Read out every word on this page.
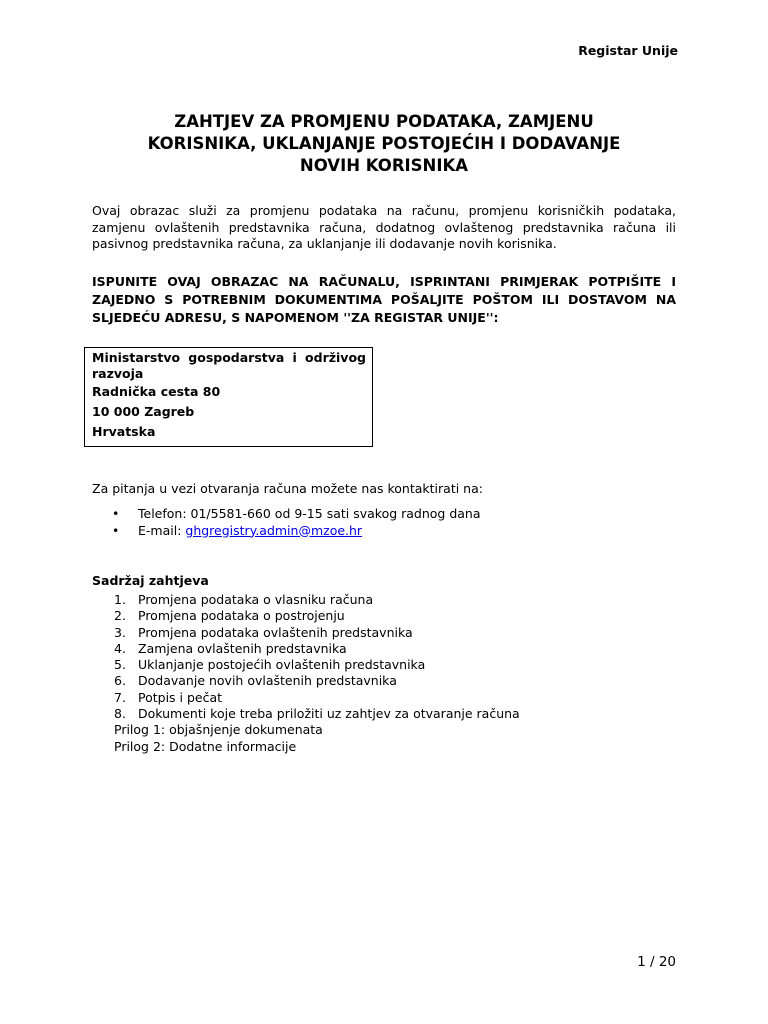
Registar Unije
ZAHTJEV ZA PROMJENU PODATAKA, ZAMJENU
KORISNIKA, UKLANJANJE POSTOJEĆIH I DODAVANJE
NOVIH KORISNIKA
Ovaj obrazac služi za promjenu podataka na računu, promjenu korisničkih podataka, zamjenu ovlaštenih predstavnika računa, dodatnog ovlaštenog predstavnika računa ili pasivnog predstavnika računa, za uklanjanje ili dodavanje novih korisnika.
ISPUNITE OVAJ OBRAZAC NA RAČUNALU, ISPRINTANI PRIMJERAK POTPIŠITE I ZAJEDNO S POTREBNIM DOKUMENTIMA POŠALJITE POŠTOM ILI DOSTAVOM NA SLJEDEĆU ADRESU, S NAPOMENOM ''ZA REGISTAR UNIJE'':
Ministarstvo gospodarstva i održivog razvoja
Radnička cesta 80
10 000 Zagreb
Hrvatska
Za pitanja u vezi otvaranja računa možete nas kontaktirati na:
• Telefon: 01/5581-660 od 9-15 sati svakog radnog dana
• E-mail: ghgregistry.admin@mzoe.hr
Sadržaj zahtjeva
1. Promjena podataka o vlasniku računa
2. Promjena podataka o postrojenju
3. Promjena podataka ovlaštenih predstavnika
4. Zamjena ovlaštenih predstavnika
5. Uklanjanje postojećih ovlaštenih predstavnika
6. Dodavanje novih ovlaštenih predstavnika
7. Potpis i pečat
8. Dokumenti koje treba priložiti uz zahtjev za otvaranje računa
Prilog 1: objašnjenje dokumenata
Prilog 2: Dodatne informacije
1 / 20
